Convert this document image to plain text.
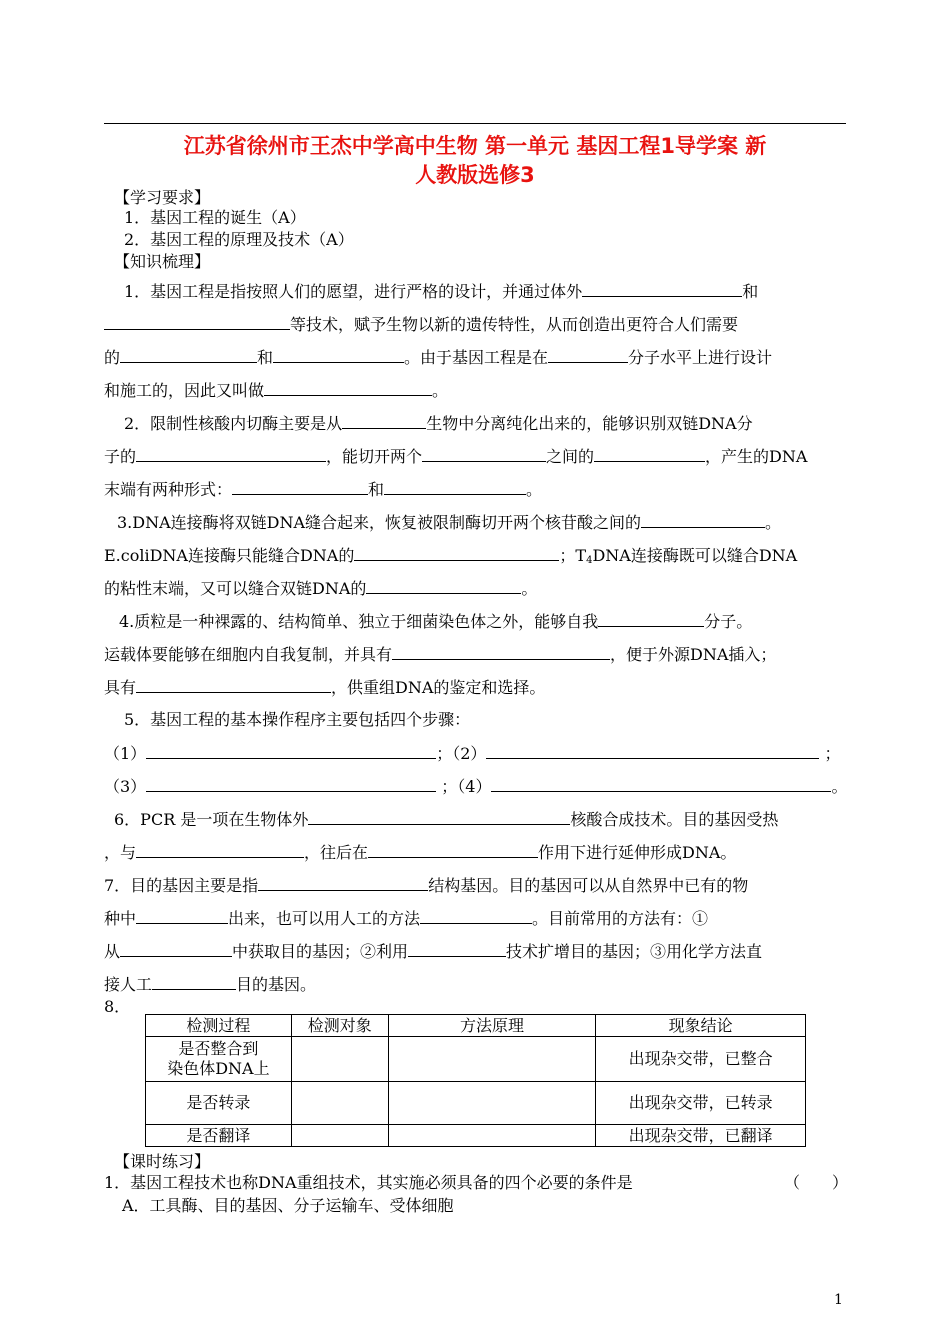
江苏省徐州市王杰中学高中生物 第一单元 基因工程1导学案 新
人教版选修3
【学习要求】
1．基因工程的诞生（A）
2．基因工程的原理及技术（A）
【知识梳理】
1．基因工程是指按照人们的愿望，进行严格的设计，并通过体外	和
等技术，赋予生物以新的遗传特性，从而创造出更符合人们需要
的	和	。由于基因工程是在	分子水平上进行设计
和施工的，因此又叫做	。
2．限制性核酸内切酶主要是从	生物中分离纯化出来的，能够识别双链DNA分
子的	，能切开两个	之间的	，产生的DNA
末端有两种形式：	和	。
3.DNA连接酶将双链DNA缝合起来，恢复被限制酶切开两个核苷酸之间的	。
E.coliDNA连接酶只能缝合DNA的	；$T_4DNA$连接酶既可以缝合DNA
的粘性末端，又可以缝合双链DNA的	。
4.质粒是一种裸露的、结构简单、独立于细菌染色体之外，能够自我	分子。
运载体要能够在细胞内自我复制，并具有	，便于外源DNA插入；
具有	，供重组DNA的鉴定和选择。
5．基因工程的基本操作程序主要包括四个步骤：
（1）	；（2）	；
（3）	；（4）	。
6．PCR 是一项在生物体外	核酸合成技术。目的基因受热
，与	，往后在	作用下进行延伸形成DNA。
7．目的基因主要是指	结构基因。目的基因可以从自然界中已有的物
种中	出来，也可以用人工的方法	。目前常用的方法有：①
从	中获取目的基因；②利用	技术扩增目的基因；③用化学方法直
接人工	目的基因。
8．
检测过程	检测对象	方法原理	现象结论
是否整合到
染色体DNA上			出现杂交带，已整合
是否转录			出现杂交带，已转录
是否翻译			出现杂交带，已翻译
【课时练习】
1．基因工程技术也称DNA重组技术，其实施必须具备的四个必要的条件是	（　　）
A．工具酶、目的基因、分子运输车、受体细胞
1
